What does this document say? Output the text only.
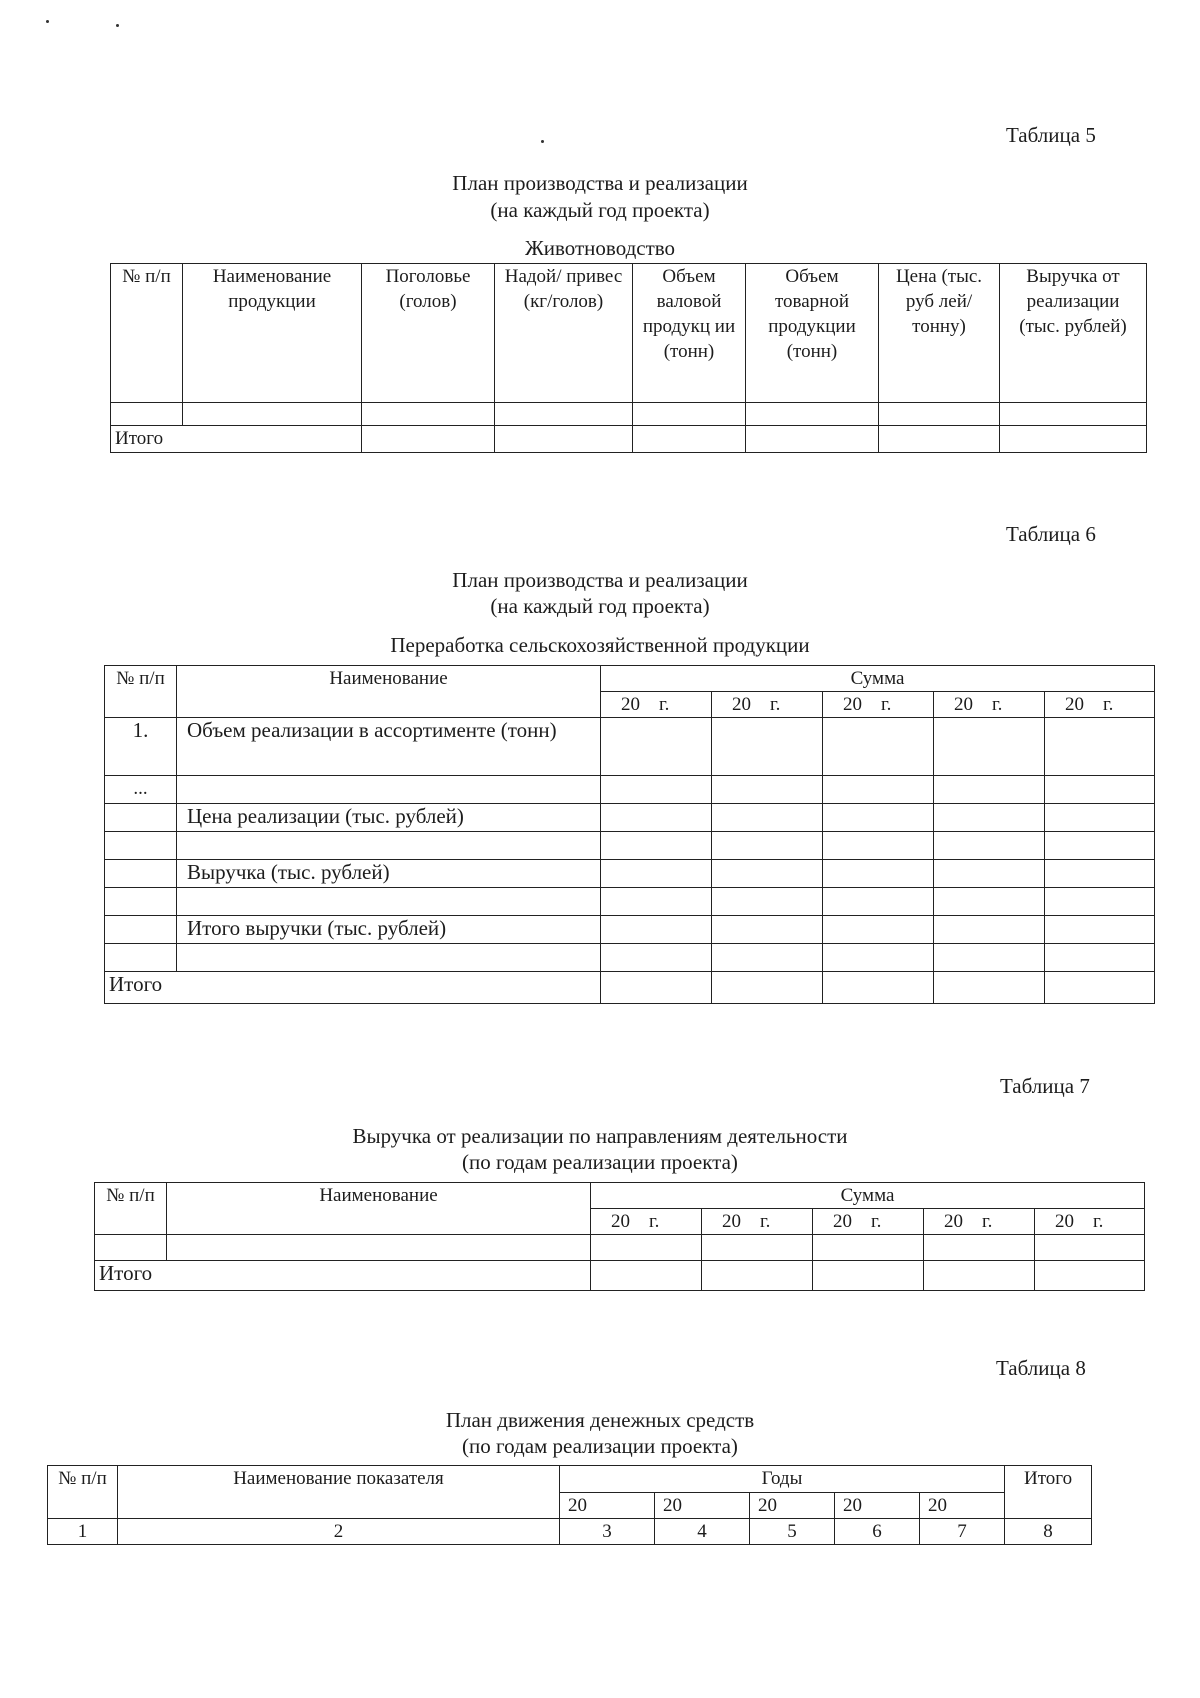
Таблица 5
План производства и реализации
(на каждый год проекта)
Животноводство
№ п/п	Наименование продукции	Поголовье (голов)	Надой/ привес (кг/голов)	Объем валовой продукц ии (тонн)	Объем товарной продукции (тонн)	Цена (тыс. руб лей/ тонну)	Выручка от реализации (тыс. рублей)

Итого							
Таблица 6
План производства и реализации
(на каждый год проекта)
Переработка сельскохозяйственной продукции
№ п/п	Наименование	Сумма				
		20    г.	20    г.	20    г.	20    г.	20    г.
1.	Объем реализации в ассортименте (тонн)					
...						
	Цена реализации (тыс. рублей)					

	Выручка (тыс. рублей)					

	Итого выручки (тыс. рублей)					

Итого						
Таблица 7
Выручка от реализации по направлениям деятельности
(по годам реализации проекта)
№ п/п	Наименование	Сумма				
		20    г.	20    г.	20    г.	20    г.	20    г.

Итого						
Таблица 8
План движения денежных средств
(по годам реализации проекта)
№ п/п	Наименование показателя	Годы					Итого
		20	20	20	20	20	
1	2	3	4	5	6	7	8
